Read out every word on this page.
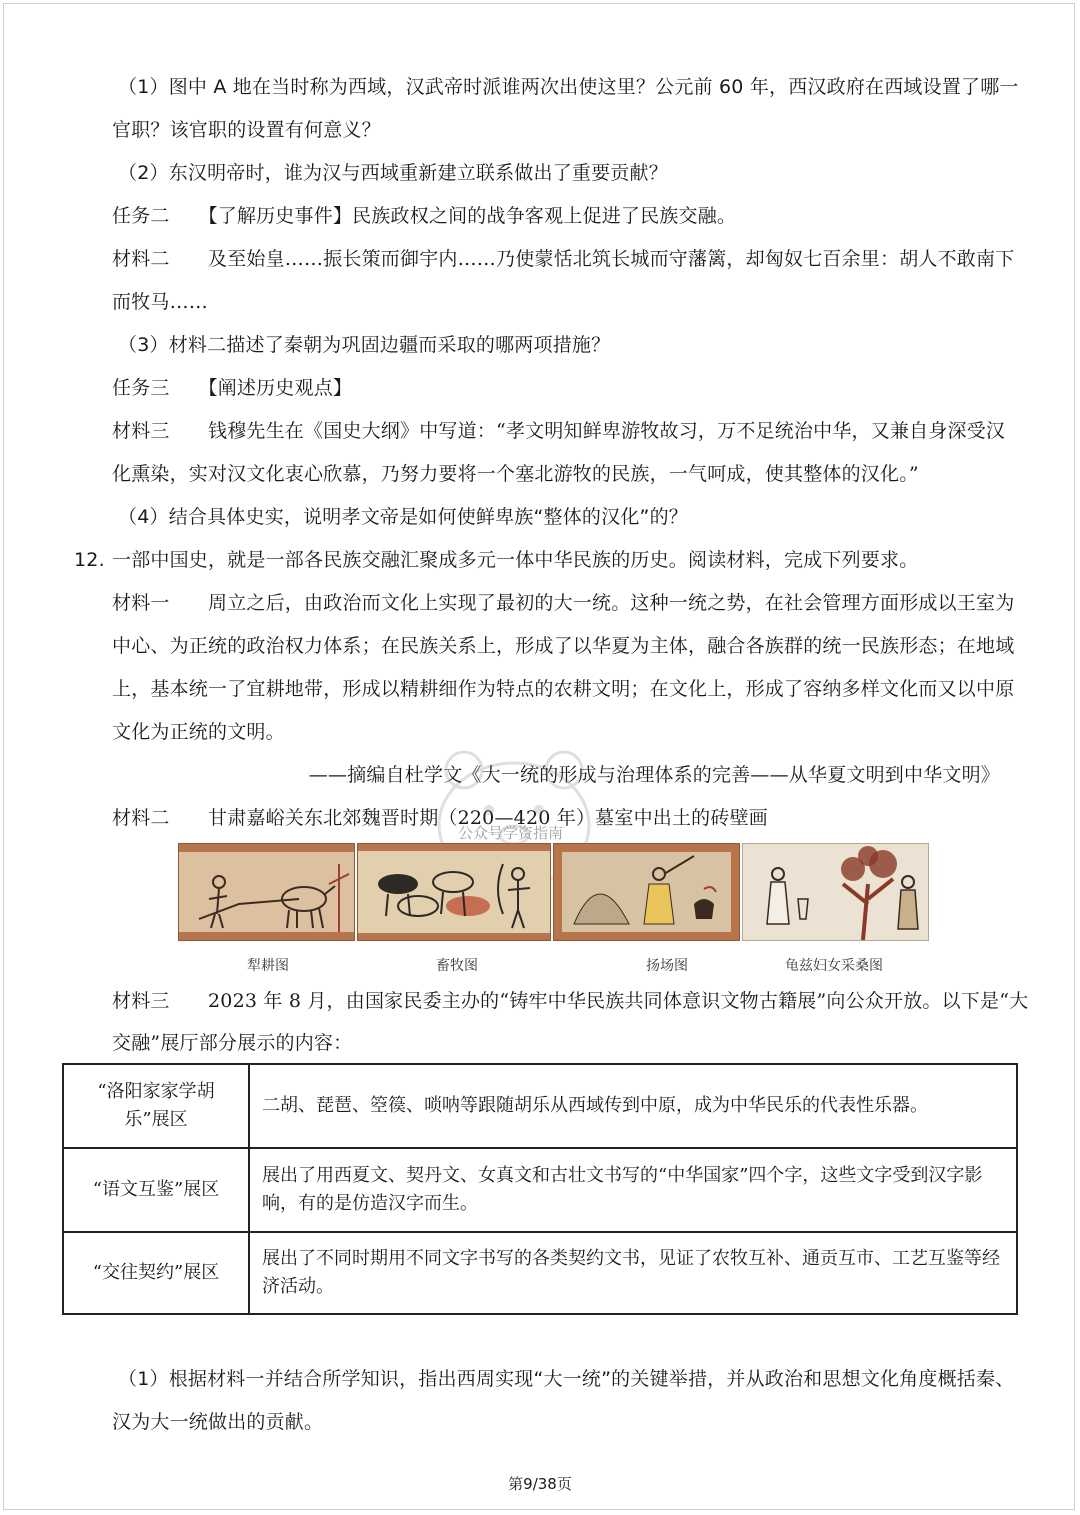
（1）图中 A 地在当时称为西域，汉武帝时派谁两次出使这里？公元前 60 年，西汉政府在西域设置了哪一
官职？该官职的设置有何意义？
（2）东汉明帝时，谁为汉与西域重新建立联系做出了重要贡献？
任务二　　【了解历史事件】民族政权之间的战争客观上促进了民族交融。
材料二　　及至始皇……振长策而御宇内……乃使蒙恬北筑长城而守藩篱，却匈奴七百余里：胡人不敢南下
而牧马……
（3）材料二描述了秦朝为巩固边疆而采取的哪两项措施？
任务三　　【阐述历史观点】
材料三　　钱穆先生在《国史大纲》中写道：“孝文明知鲜卑游牧故习，万不足统治中华，又兼自身深受汉
化熏染，实对汉文化衷心欣慕，乃努力要将一个塞北游牧的民族，一气呵成，使其整体的汉化。”
（4）结合具体史实，说明孝文帝是如何使鲜卑族“整体的汉化”的？
12. 一部中国史，就是一部各民族交融汇聚成多元一体中华民族的历史。阅读材料，完成下列要求。
材料一　　周立之后，由政治而文化上实现了最初的大一统。这种一统之势，在社会管理方面形成以王室为
中心、为正统的政治权力体系；在民族关系上，形成了以华夏为主体，融合各族群的统一民族形态；在地域
上，基本统一了宜耕地带，形成以精耕细作为特点的农耕文明；在文化上，形成了容纳多样文化而又以中原
文化为正统的文明。
——摘编自杜学文《大一统的形成与治理体系的完善——从华夏文明到中华文明》
材料二　　甘肃嘉峪关东北郊魏晋时期（220—420 年）墓室中出土的砖壁画
公众号学资指南
犁耕图	畜牧图	扬场图	龟兹妇女采桑图
材料三　　2023 年 8 月，由国家民委主办的“铸牢中华民族共同体意识文物古籍展”向公众开放。以下是“大
交融”展厅部分展示的内容：
“洛阳家家学胡乐”展区	二胡、琵琶、箜篌、唢呐等跟随胡乐从西域传到中原，成为中华民乐的代表性乐器。
“语文互鉴”展区	展出了用西夏文、契丹文、女真文和古壮文书写的“中华国家”四个字，这些文字受到汉字影响，有的是仿造汉字而生。
“交往契约”展区	展出了不同时期用不同文字书写的各类契约文书，见证了农牧互补、通贡互市、工艺互鉴等经济活动。
（1）根据材料一并结合所学知识，指出西周实现“大一统”的关键举措，并从政治和思想文化角度概括秦、
汉为大一统做出的贡献。
第9/38页
